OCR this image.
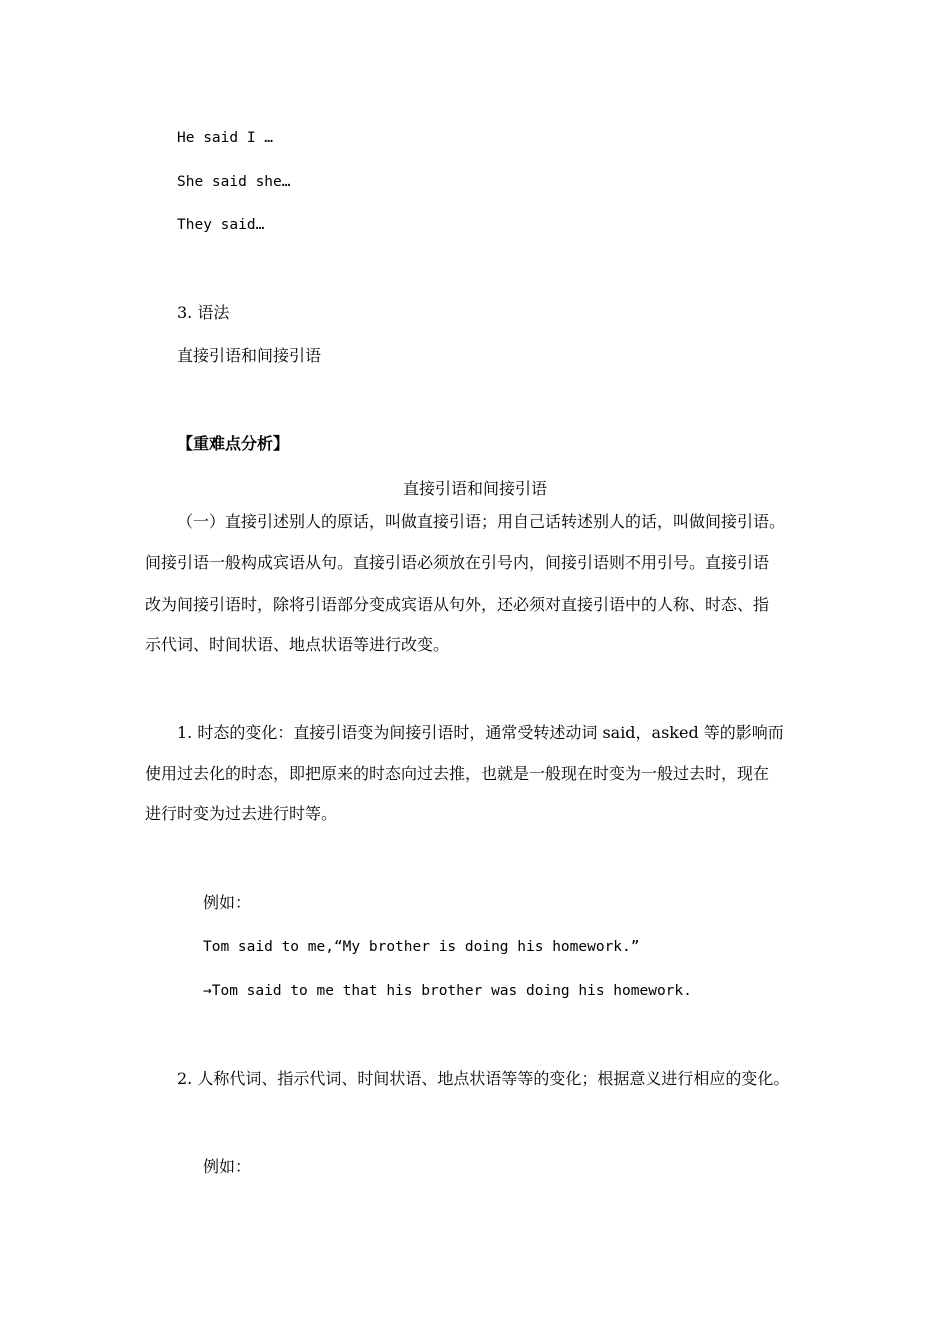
He said I …
She said she…
They said…
3. 语法
直接引语和间接引语
【重难点分析】
直接引语和间接引语
（一）直接引述别人的原话，叫做直接引语；用自己话转述别人的话，叫做间接引语。
间接引语一般构成宾语从句。直接引语必须放在引号内，间接引语则不用引号。直接引语
改为间接引语时，除将引语部分变成宾语从句外，还必须对直接引语中的人称、时态、指
示代词、时间状语、地点状语等进行改变。
1. 时态的变化：直接引语变为间接引语时，通常受转述动词 said，asked 等的影响而
使用过去化的时态，即把原来的时态向过去推，也就是一般现在时变为一般过去时，现在
进行时变为过去进行时等。
例如：
Tom said to me,“My brother is doing his homework.”
→Tom said to me that his brother was doing his homework.
2. 人称代词、指示代词、时间状语、地点状语等等的变化；根据意义进行相应的变化。
例如：
